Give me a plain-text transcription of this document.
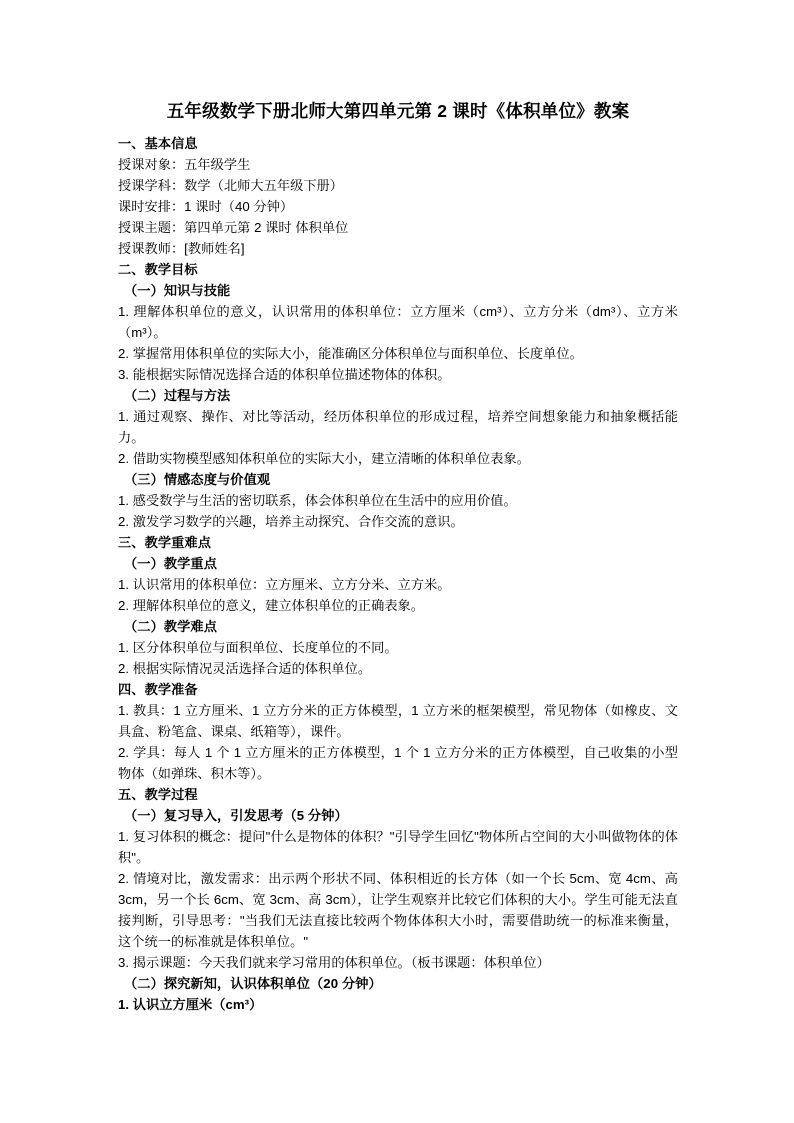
五年级数学下册北师大第四单元第 2 课时《体积单位》教案

一、基本信息

授课对象：五年级学生

授课学科：数学（北师大五年级下册）

课时安排：1 课时（40 分钟）

授课主题：第四单元第 2 课时 体积单位

授课教师：[教师姓名]

二、教学目标

（一）知识与技能

1. 理解体积单位的意义，认识常用的体积单位：立方厘米（cm³）、立方分米（dm³）、立方米（m³）。

2. 掌握常用体积单位的实际大小，能准确区分体积单位与面积单位、长度单位。

3. 能根据实际情况选择合适的体积单位描述物体的体积。

（二）过程与方法

1. 通过观察、操作、对比等活动，经历体积单位的形成过程，培养空间想象能力和抽象概括能力。

2. 借助实物模型感知体积单位的实际大小，建立清晰的体积单位表象。

（三）情感态度与价值观

1. 感受数学与生活的密切联系，体会体积单位在生活中的应用价值。

2. 激发学习数学的兴趣，培养主动探究、合作交流的意识。

三、教学重难点

（一）教学重点

1. 认识常用的体积单位：立方厘米、立方分米、立方米。

2. 理解体积单位的意义，建立体积单位的正确表象。

（二）教学难点

1. 区分体积单位与面积单位、长度单位的不同。

2. 根据实际情况灵活选择合适的体积单位。

四、教学准备

1. 教具：1 立方厘米、1 立方分米的正方体模型，1 立方米的框架模型，常见物体（如橡皮、文具盒、粉笔盒、课桌、纸箱等），课件。

2. 学具：每人 1 个 1 立方厘米的正方体模型，1 个 1 立方分米的正方体模型，自己收集的小型物体（如弹珠、积木等）。

五、教学过程

（一）复习导入，引发思考（5 分钟）

1. 复习体积的概念：提问"什么是物体的体积？"引导学生回忆"物体所占空间的大小叫做物体的体积"。

2. 情境对比，激发需求：出示两个形状不同、体积相近的长方体（如一个长 5cm、宽 4cm、高 3cm，另一个长 6cm、宽 3cm、高 3cm），让学生观察并比较它们体积的大小。学生可能无法直接判断，引导思考："当我们无法直接比较两个物体体积大小时，需要借助统一的标准来衡量，这个统一的标准就是体积单位。"

3. 揭示课题：今天我们就来学习常用的体积单位。（板书课题：体积单位）

（二）探究新知，认识体积单位（20 分钟）

1. 认识立方厘米（cm³）
